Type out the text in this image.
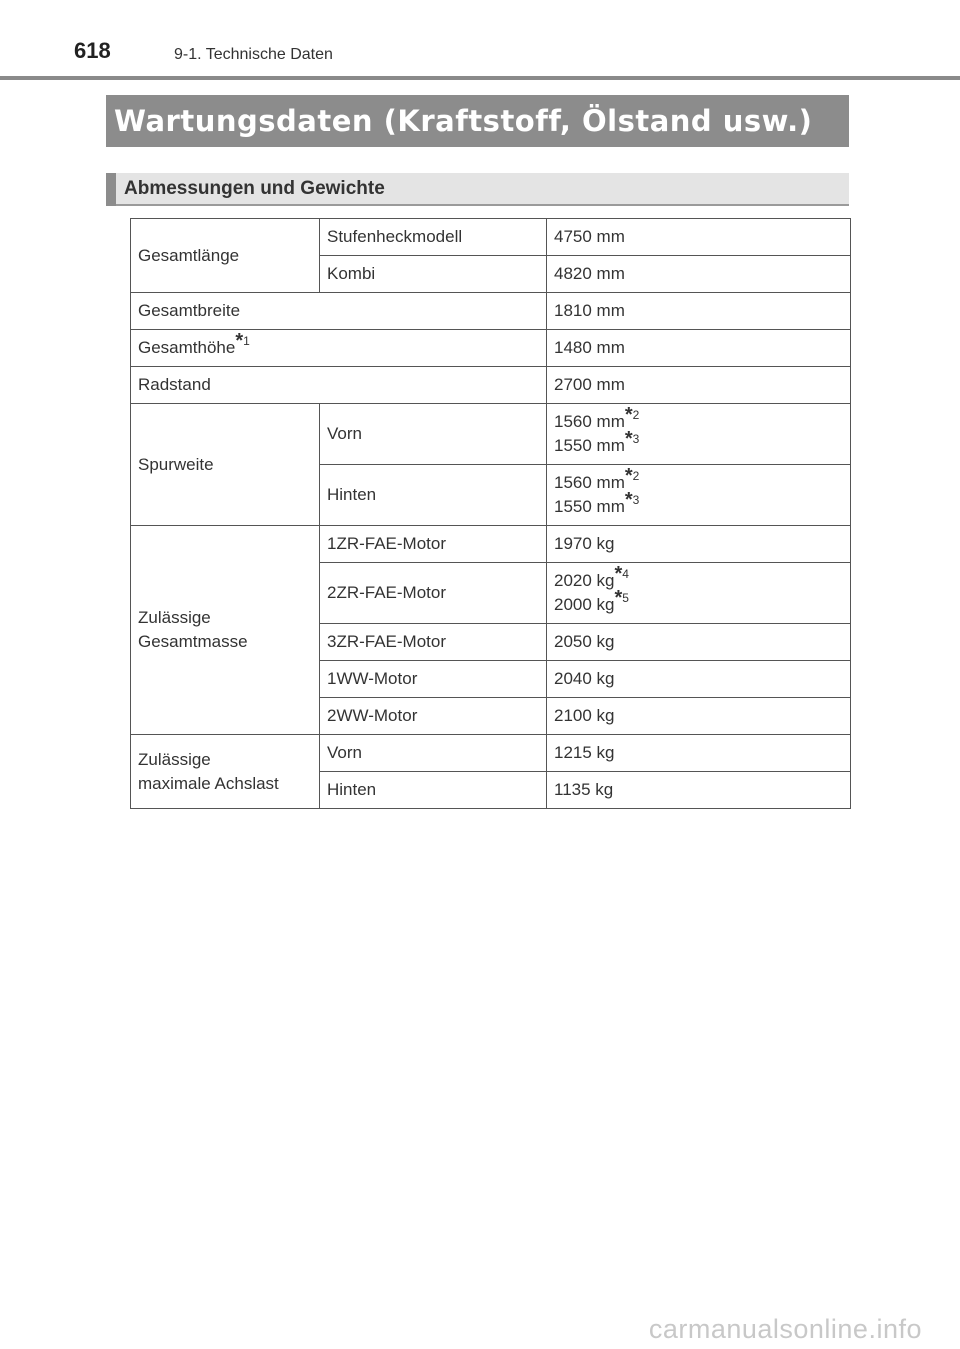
618	9-1. Technische Daten
Wartungsdaten (Kraftstoff, Ölstand usw.)
Abmessungen und Gewichte
Gesamtlänge	Stufenheckmodell	4750 mm
	Kombi	4820 mm
Gesamtbreite		1810 mm
Gesamthöhe*$^1$		1480 mm
Radstand		2700 mm
Spurweite	Vorn	1560 mm*$^2$
1550 mm*$^3$
	Hinten	1560 mm*$^2$
1550 mm*$^3$
Zulässige
Gesamtmasse	1ZR-FAE-Motor	1970 kg
	2ZR-FAE-Motor	2020 kg*$^4$
2000 kg*$^5$
	3ZR-FAE-Motor	2050 kg
	1WW-Motor	2040 kg
	2WW-Motor	2100 kg
Zulässige
maximale Achslast	Vorn	1215 kg
	Hinten	1135 kg
carmanualsonline.info
